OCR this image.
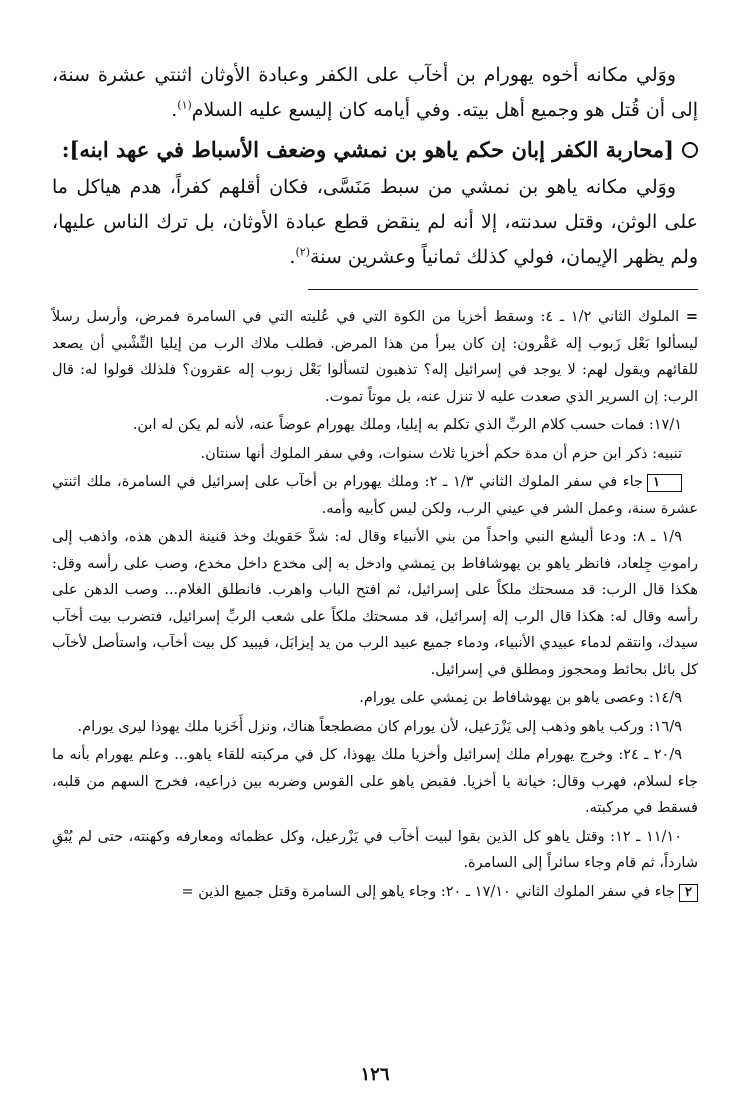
ووَلي مكانه أخوه يهورام بن أخآب على الكفر وعبادة الأوثان اثنتي عشرة سنة، إلى أن قُتل هو وجميع أهل بيته. وفي أيامه كان إليسع عليه السلام$^{(١)}$.

[محاربة الكفر إبان حكم ياهو بن نمشي وضعف الأسباط في عهد ابنه]:

ووَلي مكانه ياهو بن نمشي من سبط مَنَسَّى، فكان أقلهم كفراً، هدم هياكل ما على الوثن، وقتل سدنته، إلا أنه لم ينقض قطع عبادة الأوثان، بل ترك الناس عليها، ولم يظهر الإيمان، فولي كذلك ثمانياً وعشرين سنة$^{(٢)}$.

= الملوك الثاني ١/٢ ـ ٤: وسقط أخزيا من الكوة التي في عُليته التي في السامرة فمرض، وأرسل رسلاً ليسألوا بَعْل زَبوب إله عَقْرون: إن كان يبرأ من هذا المرض. فطلب ملاك الرب من إيليا التِّشْبي أن يصعد للقائهم ويقول لهم: لا يوجد في إسرائيل إله؟ تذهبون لتسألوا بَعْل زبوب إله عقرون؟ فلذلك قولوا له: قال الرب: إن السرير الذي صعدت عليه لا تنزل عنه، بل موتاً تموت.

١٧/١: فمات حسب كلام الربِّ الذي تكلم به إيليا، وملك يهورام عوضاً عنه، لأنه لم يكن له ابن.

تنبيه: ذكر ابن حزم أن مدة حكم أخزيا ثلاث سنوات، وفي سفر الملوك أنها سنتان.

١جاء في سفر الملوك الثاني ١/٣ ـ ٢: وملك يهورام بن أخآب على إسرائيل في السامرة، ملك اثنتي عشرة سنة، وعمل الشر في عيني الرب، ولكن ليس كأبيه وأمه.

١/٩ ـ ٨: ودعا أليشع النبي واحداً من بني الأنبياء وقال له: شدَّ حَقويك وخذ قنينة الدهن هذه، واذهب إلى راموتِ جِلعاد، فانظر ياهو بن يهوشافاط بن نِمشي وادخل به إلى مخدع داخل مخدع، وصب على رأسه وقل: هكذا قال الرب: قد مسحتك ملكاً على إسرائيل، ثم افتح الباب واهرب. فانطلق الغلام... وصب الدهن على رأسه وقال له: هكذا قال الرب إله إسرائيل، قد مسحتك ملكاً على شعب الربِّ إسرائيل، فتضرب بيت أخآب سيدك، وانتقم لدماء عبيدي الأنبياء، ودماء جميع عبيد الرب من يد إيزابَل، فيبيد كل بيت أخآب، واستأصل لأخآب كل بائل بحائط ومحجوز ومطلق في إسرائيل.

١٤/٩: وعصى ياهو بن يهوشافاط بن نِمشي على يورام.

١٦/٩: وركب ياهو وذهب إلى يَزْرَعيل، لأن يورام كان مضطجعاً هناك، ونزل أَخَزيا ملك يهوذا ليرى يورام.

٢٠/٩ ـ ٢٤: وخرج يهورام ملك إسرائيل وأخزيا ملك يهوذا، كل في مركبته للقاء ياهو... وعلم يهورام بأنه ما جاء لسلام، فهرب وقال: خيانة يا أخزيا. فقبض ياهو على القوس وضربه بين ذراعيه، فخرج السهم من قلبه، فسقط في مركبته.

١١/١٠ ـ ١٢: وقتل ياهو كل الذين بقوا لبيت أخآب في يَزْرعيل، وكل عظمائه ومعارفه وكهنته، حتى لم يُبْقِ شارداً، ثم قام وجاء سائراً إلى السامرة.

٢جاء في سفر الملوك الثاني ١٧/١٠ ـ ٢٠: وجاء ياهو إلى السامرة وقتل جميع الذين =

١٢٦
